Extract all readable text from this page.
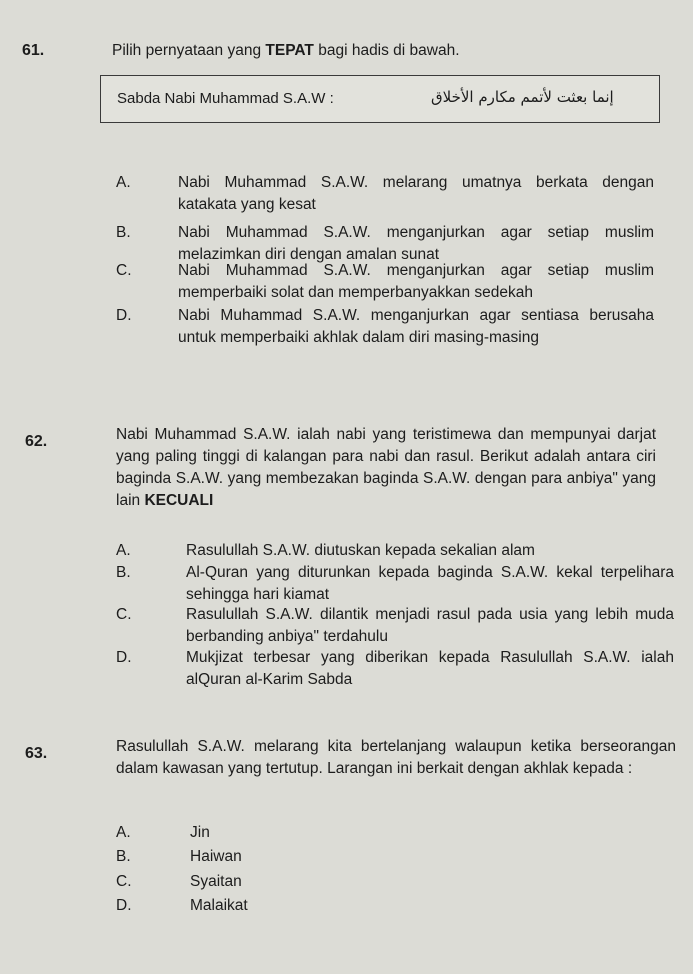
61.	Pilih pernyataan yang TEPAT bagi hadis di bawah.
Sabda Nabi Muhammad S.A.W :	إنما بعثت لأتمم مكارم الأخلاق
A.	Nabi Muhammad S.A.W. melarang umatnya berkata dengan katakata yang kesat
B.	Nabi Muhammad S.A.W. menganjurkan agar setiap muslim melazimkan diri dengan amalan sunat
C.	Nabi Muhammad S.A.W. menganjurkan agar setiap muslim memperbaiki solat dan memperbanyakkan sedekah
D.	Nabi Muhammad S.A.W. menganjurkan agar sentiasa berusaha untuk memperbaiki akhlak dalam diri masing-masing
62.	Nabi Muhammad S.A.W. ialah nabi yang teristimewa dan mempunyai darjat yang paling tinggi di kalangan para nabi dan rasul. Berikut adalah antara ciri baginda S.A.W. yang membezakan baginda S.A.W. dengan para anbiya" yang lain KECUALI
A.	Rasulullah S.A.W. diutuskan kepada sekalian alam
B.	Al-Quran yang diturunkan kepada baginda S.A.W. kekal terpelihara sehingga hari kiamat
C.	Rasulullah S.A.W. dilantik menjadi rasul pada usia yang lebih muda berbanding anbiya" terdahulu
D.	Mukjizat terbesar yang diberikan kepada Rasulullah S.A.W. ialah alQuran al-Karim Sabda
63.	Rasulullah S.A.W. melarang kita bertelanjang walaupun ketika berseorangan dalam kawasan yang tertutup. Larangan ini berkait dengan akhlak kepada :
A.	Jin
B.	Haiwan
C.	Syaitan
D.	Malaikat
